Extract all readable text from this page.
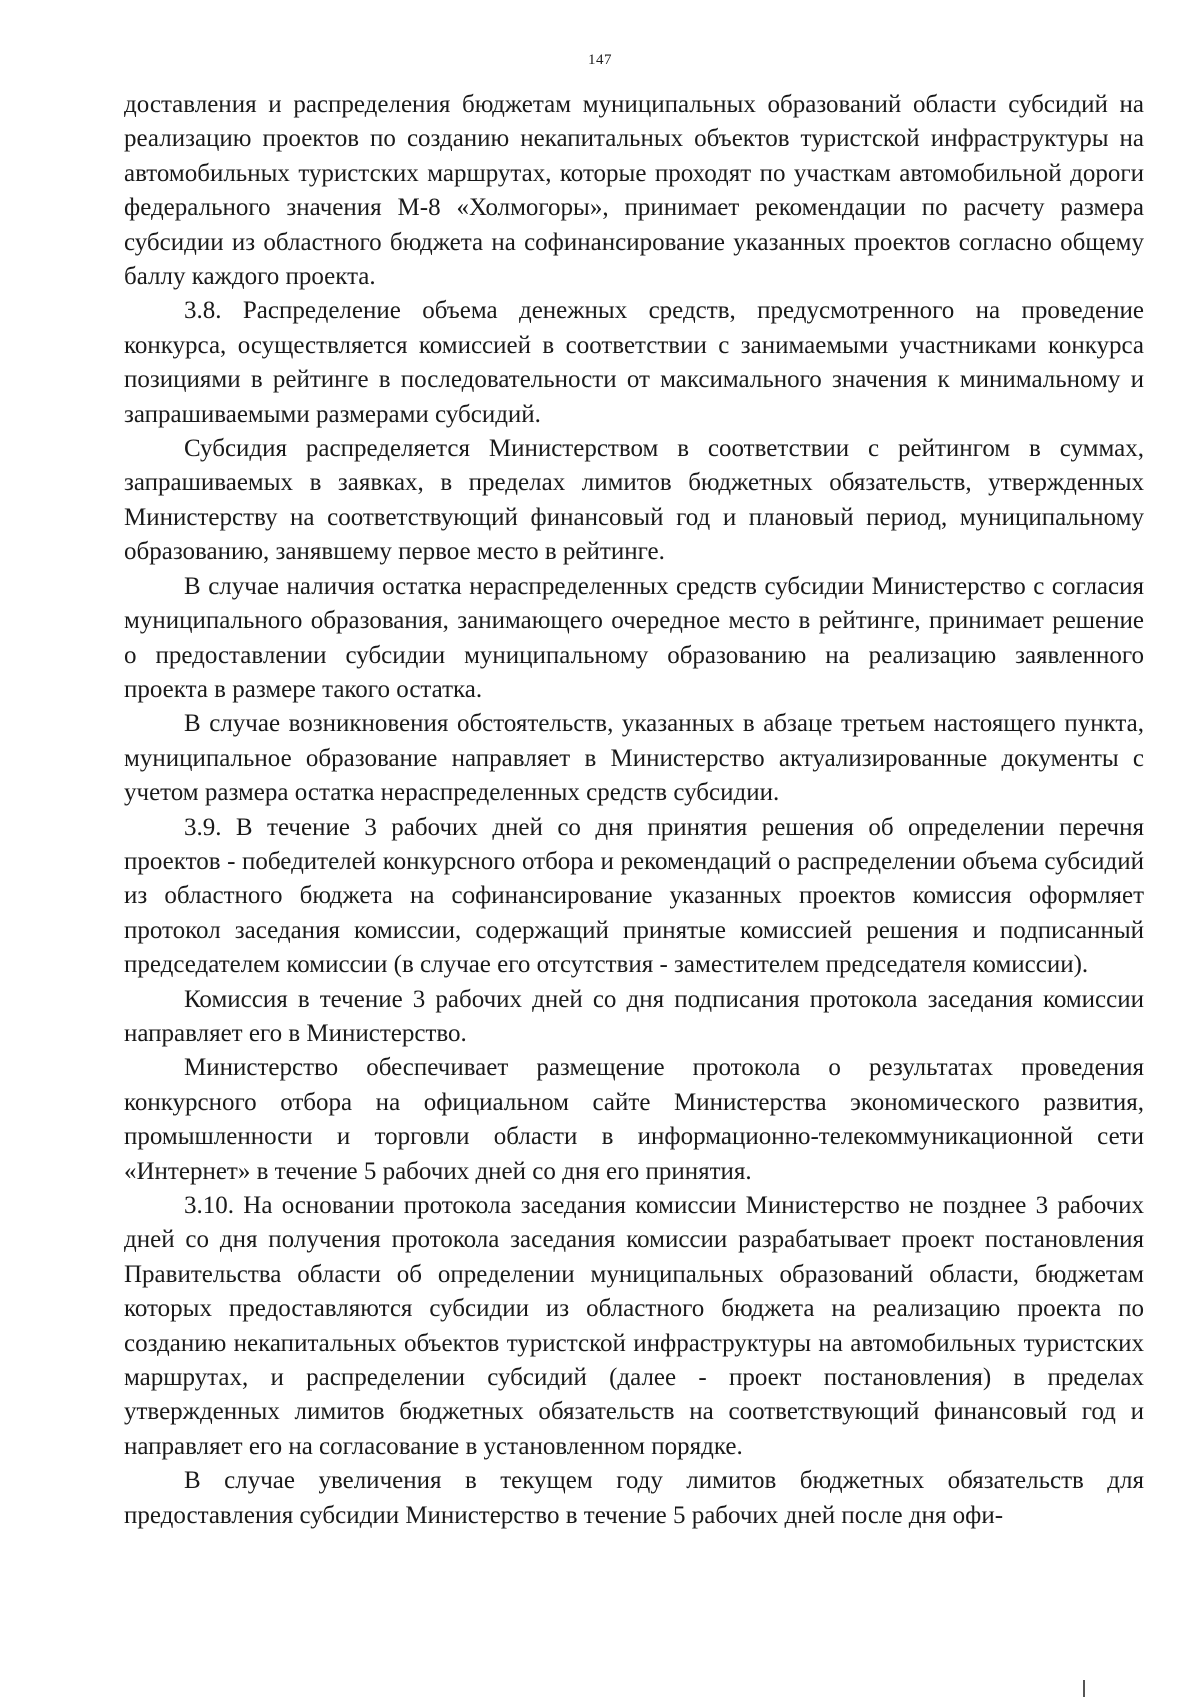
147

доставления и распределения бюджетам муниципальных образований области субсидий на реализацию проектов по созданию некапитальных объектов туристской инфраструктуры на автомобильных туристских маршрутах, которые проходят по участкам автомобильной дороги федерального значения М-8 «Холмогоры», принимает рекомендации по расчету размера субсидии из областного бюджета на софинансирование указанных проектов согласно общему баллу каждого проекта.

3.8. Распределение объема денежных средств, предусмотренного на проведение конкурса, осуществляется комиссией в соответствии с занимаемыми участниками конкурса позициями в рейтинге в последовательности от максимального значения к минимальному и запрашиваемыми размерами субсидий.

Субсидия распределяется Министерством в соответствии с рейтингом в суммах, запрашиваемых в заявках, в пределах лимитов бюджетных обязательств, утвержденных Министерству на соответствующий финансовый год и плановый период, муниципальному образованию, занявшему первое место в рейтинге.

В случае наличия остатка нераспределенных средств субсидии Министерство с согласия муниципального образования, занимающего очередное место в рейтинге, принимает решение о предоставлении субсидии муниципальному образованию на реализацию заявленного проекта в размере такого остатка.

В случае возникновения обстоятельств, указанных в абзаце третьем настоящего пункта, муниципальное образование направляет в Министерство актуализированные документы с учетом размера остатка нераспределенных средств субсидии.

3.9. В течение 3 рабочих дней со дня принятия решения об определении перечня проектов - победителей конкурсного отбора и рекомендаций о распределении объема субсидий из областного бюджета на софинансирование указанных проектов комиссия оформляет протокол заседания комиссии, содержащий принятые комиссией решения и подписанный председателем комиссии (в случае его отсутствия - заместителем председателя комиссии).

Комиссия в течение 3 рабочих дней со дня подписания протокола заседания комиссии направляет его в Министерство.

Министерство обеспечивает размещение протокола о результатах проведения конкурсного отбора на официальном сайте Министерства экономического развития, промышленности и торговли области в информационно-телекоммуникационной сети «Интернет» в течение 5 рабочих дней со дня его принятия.

3.10. На основании протокола заседания комиссии Министерство не позднее 3 рабочих дней со дня получения протокола заседания комиссии разрабатывает проект постановления Правительства области об определении муниципальных образований области, бюджетам которых предоставляются субсидии из областного бюджета на реализацию проекта по созданию некапитальных объектов туристской инфраструктуры на автомобильных туристских маршрутах, и распределении субсидий (далее - проект постановления) в пределах утвержденных лимитов бюджетных обязательств на соответствующий финансовый год и направляет его на согласование в установленном порядке.

В случае увеличения в текущем году лимитов бюджетных обязательств для предоставления субсидии Министерство в течение 5 рабочих дней после дня офи-
